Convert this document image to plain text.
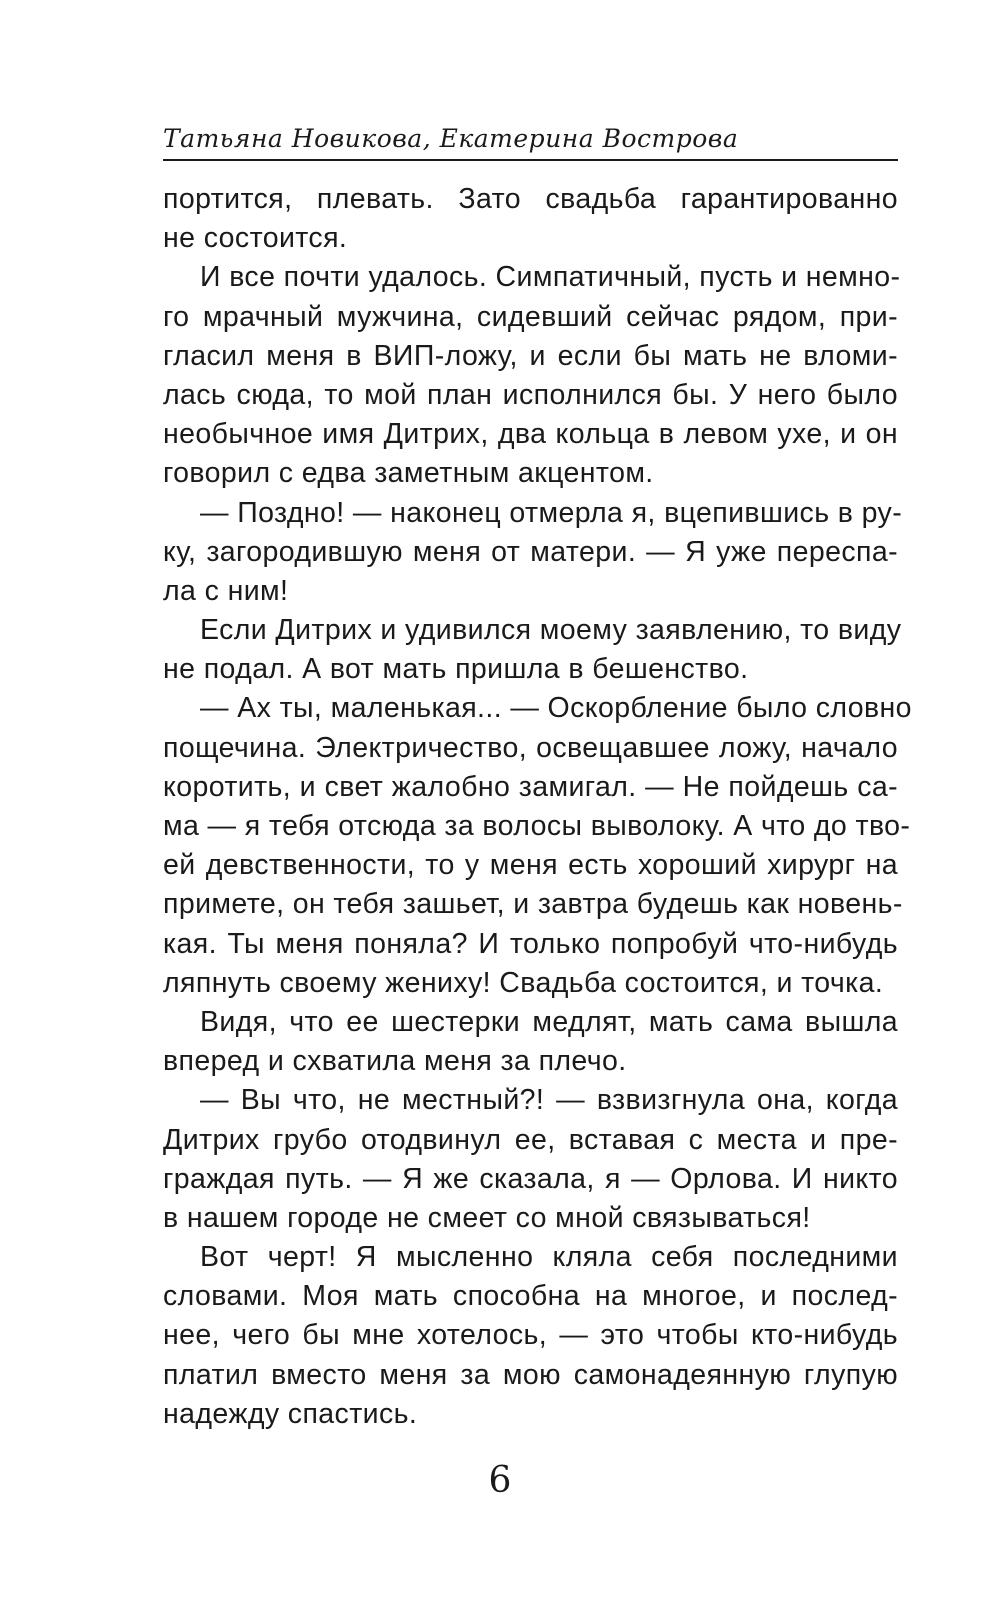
Татьяна Новикова, Екатерина Вострова
портится, плевать. Зато свадьба гарантированно
не состоится.
И все почти удалось. Симпатичный, пусть и немно-
го мрачный мужчина, сидевший сейчас рядом, при-
гласил меня в ВИП-ложу, и если бы мать не вломи-
лась сюда, то мой план исполнился бы. У него было
необычное имя Дитрих, два кольца в левом ухе, и он
говорил с едва заметным акцентом.
— Поздно! — наконец отмерла я, вцепившись в ру-
ку, загородившую меня от матери. — Я уже переспа-
ла с ним!
Если Дитрих и удивился моему заявлению, то виду
не подал. А вот мать пришла в бешенство.
— Ах ты, маленькая... — Оскорбление было словно
пощечина. Электричество, освещавшее ложу, начало
коротить, и свет жалобно замигал. — Не пойдешь са-
ма — я тебя отсюда за волосы выволоку. А что до тво-
ей девственности, то у меня есть хороший хирург на
примете, он тебя зашьет, и завтра будешь как новень-
кая. Ты меня поняла? И только попробуй что-нибудь
ляпнуть своему жениху! Свадьба состоится, и точка.
Видя, что ее шестерки медлят, мать сама вышла
вперед и схватила меня за плечо.
— Вы что, не местный?! — взвизгнула она, когда
Дитрих грубо отодвинул ее, вставая с места и пре-
граждая путь. — Я же сказала, я — Орлова. И никто
в нашем городе не смеет со мной связываться!
Вот черт! Я мысленно кляла себя последними
словами. Моя мать способна на многое, и послед-
нее, чего бы мне хотелось, — это чтобы кто-нибудь
платил вместо меня за мою самонадеянную глупую
надежду спастись.
6
